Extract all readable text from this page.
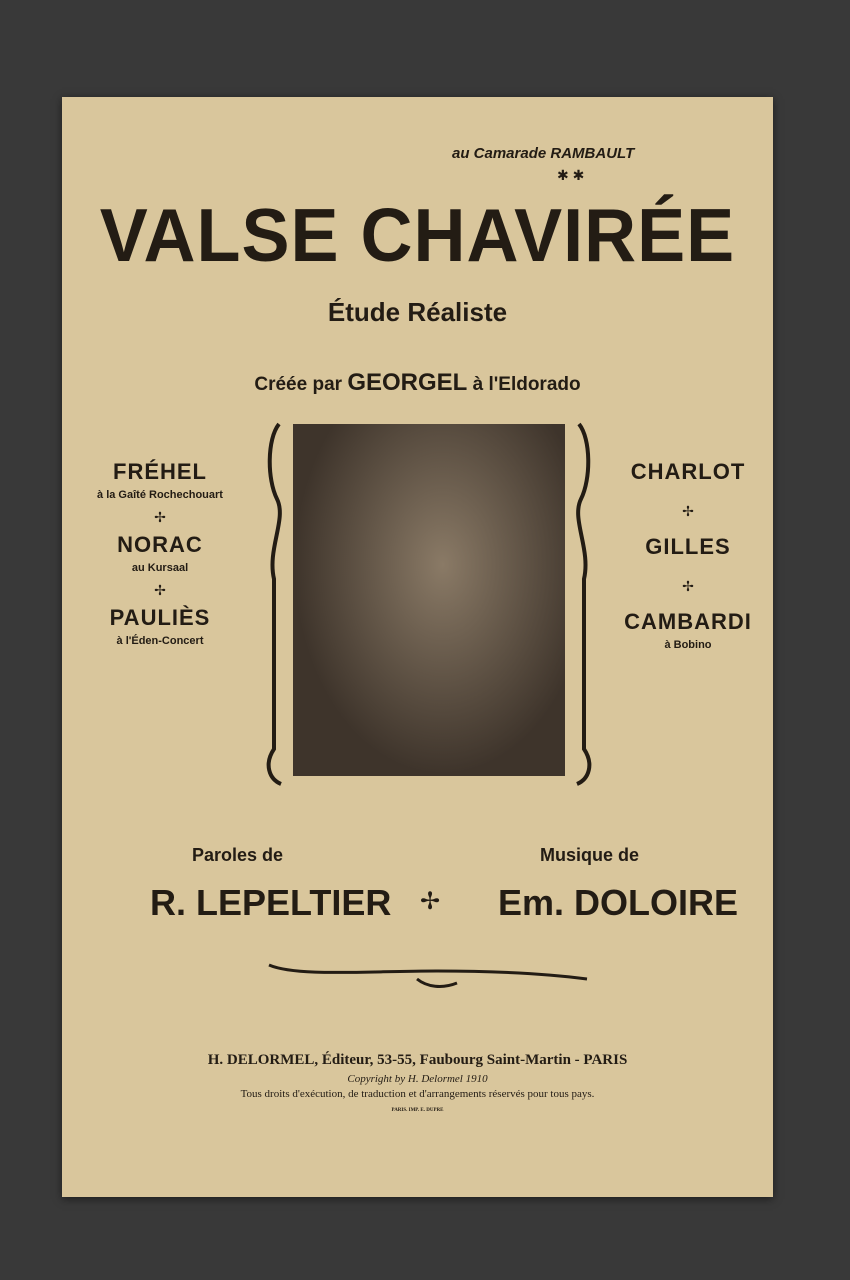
au Camarade RAMBAULT
✱ ✱
VALSE CHAVIRÉE
Étude Réaliste
Créée par GEORGEL à l'Eldorado
FRÉHEL
à la Gaîté Rochechouart
✢
NORAC
au Kursaal
✢
PAULIÈS
à l'Éden-Concert
CHARLOT
✢
GILLES
✢
CAMBARDI
à Bobino
Paroles de	Musique de
R. LEPELTIER ✢ Em. DOLOIRE
H. DELORMEL, Éditeur, 53-55, Faubourg Saint-Martin - PARIS
Copyright by H. Delormel 1910
Tous droits d'exécution, de traduction et d'arrangements réservés pour tous pays.
PARIS. IMP. E. DUPRE
